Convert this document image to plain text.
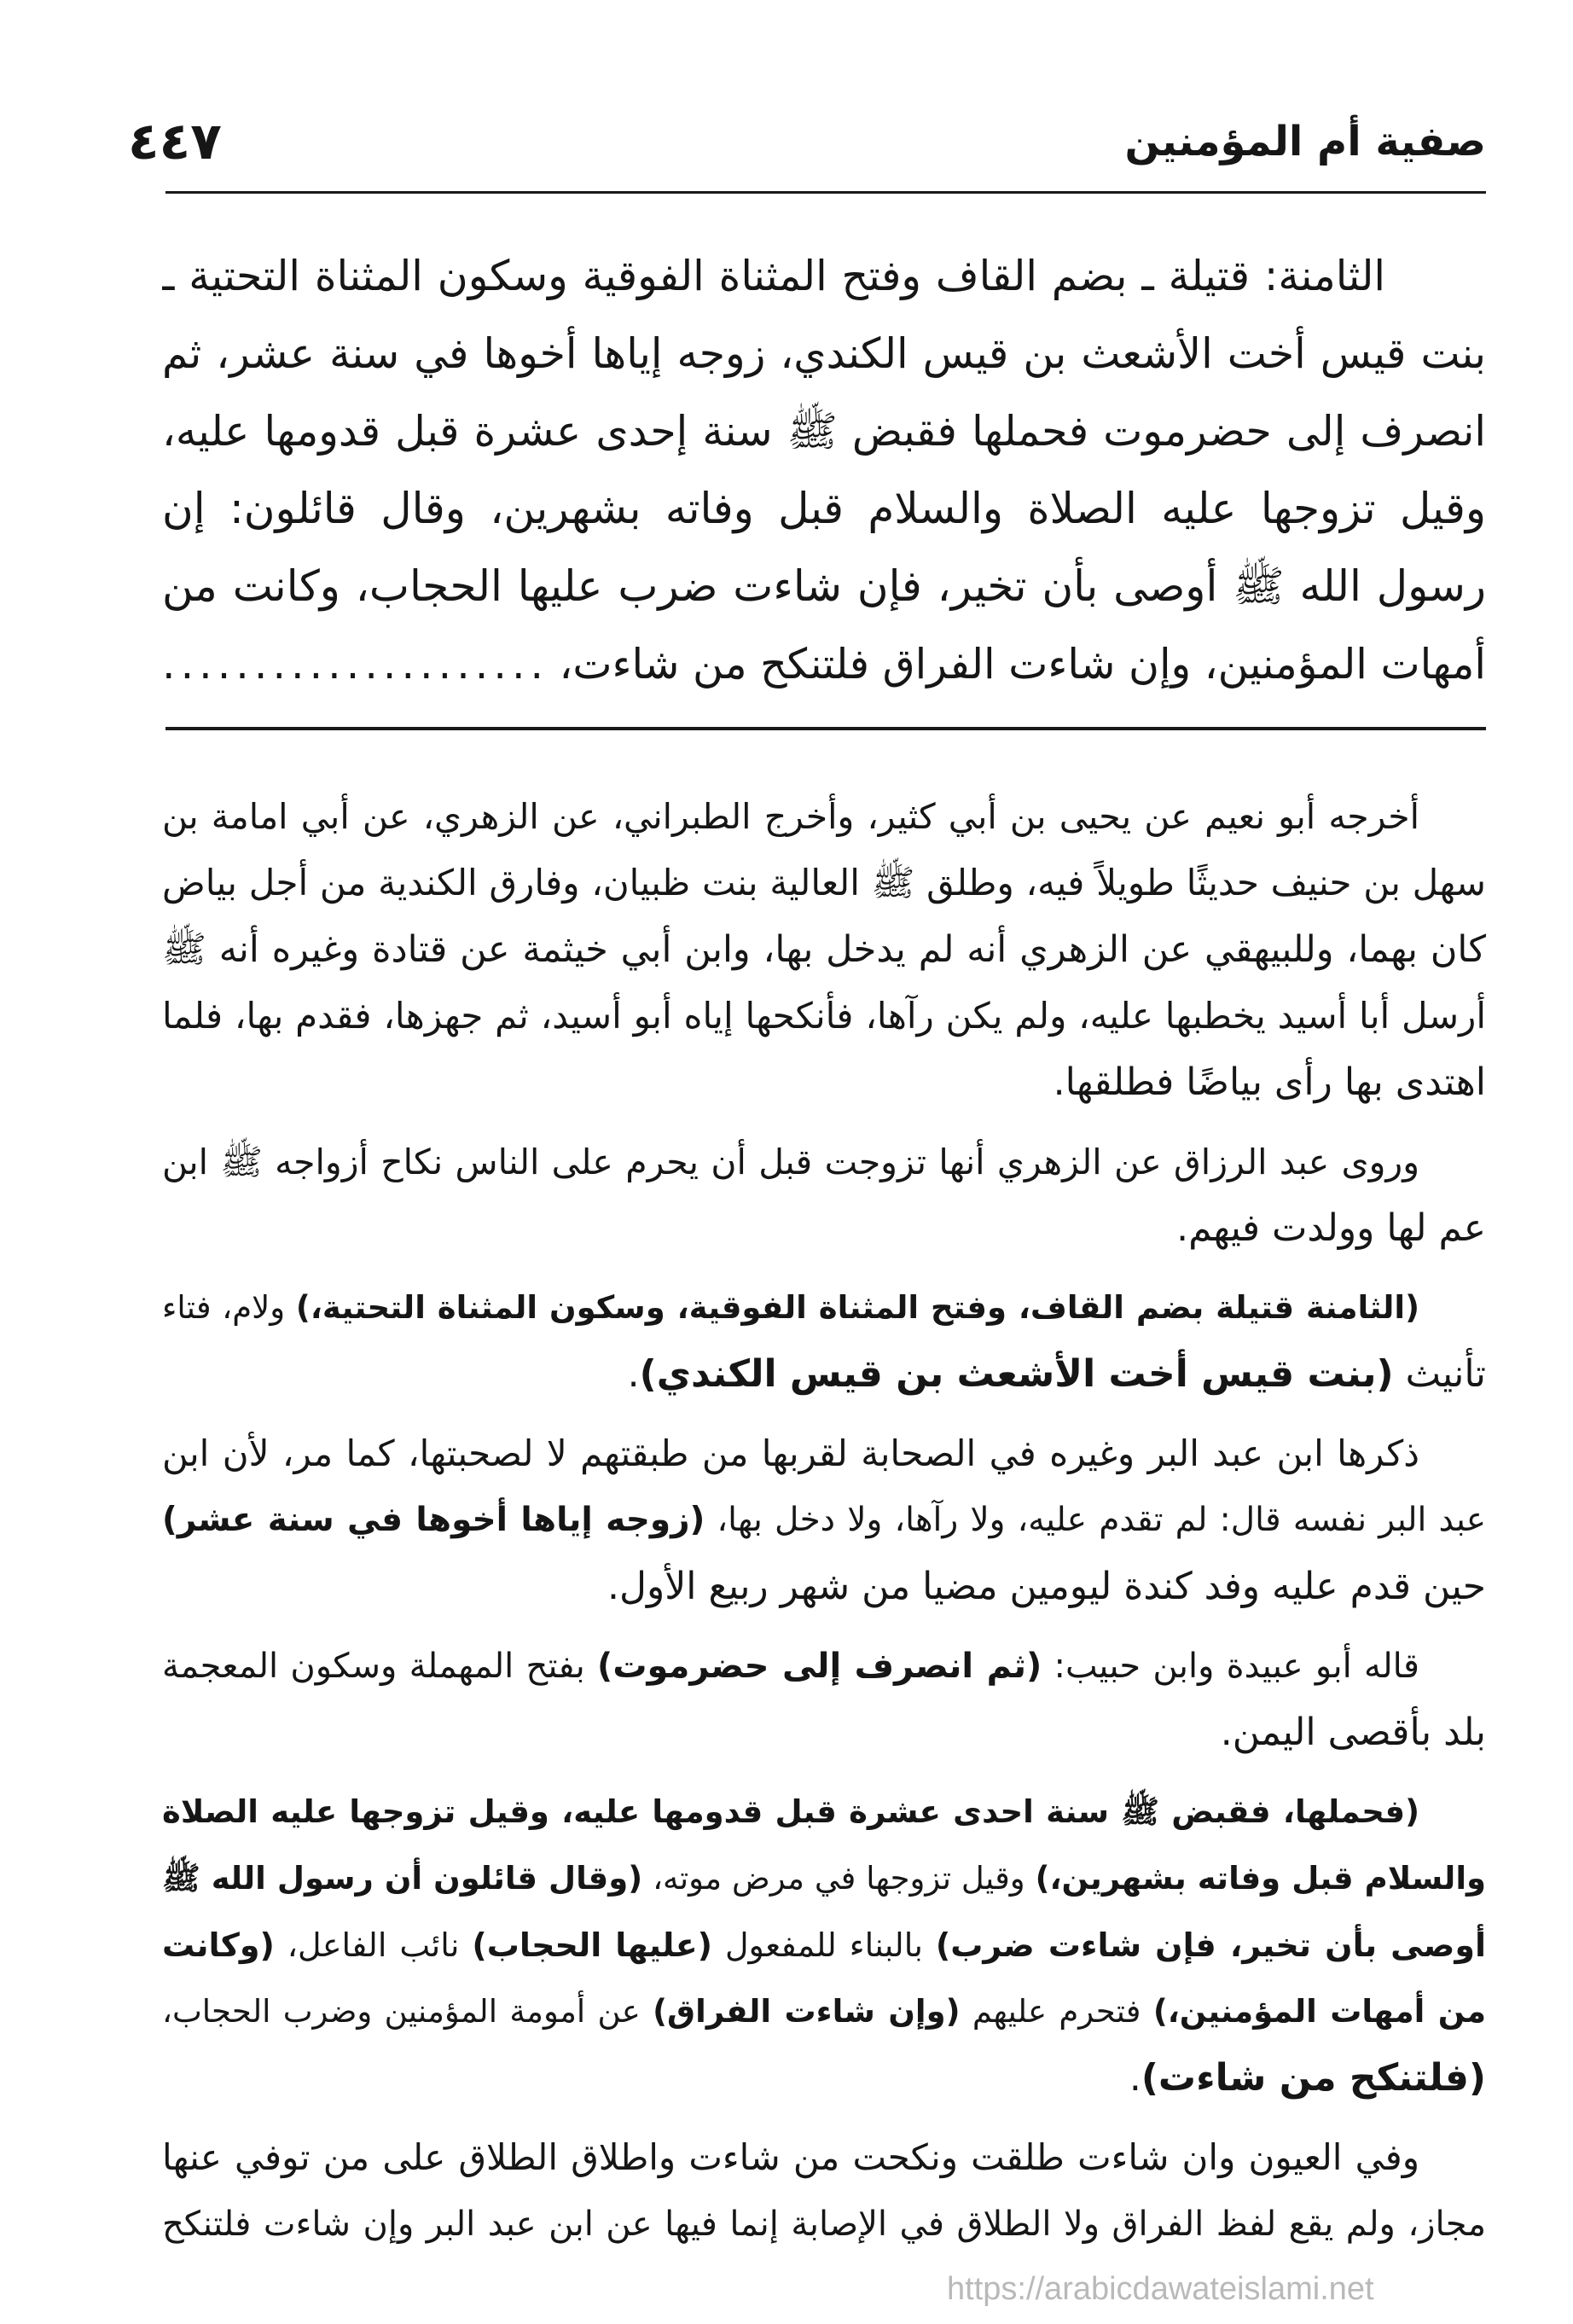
صفية أم المؤمنين
٤٤٧
الثامنة: قتيلة ـ بضم القاف وفتح المثناة الفوقية وسكون المثناة التحتية ـ
بنت قيس أخت الأشعث بن قيس الكندي، زوجه إياها أخوها في سنة عشر، ثم
انصرف إلى حضرموت فحملها فقبض ﷺ سنة إحدى عشرة قبل قدومها عليه،
وقيل تزوجها عليه الصلاة والسلام قبل وفاته بشهرين، وقال قائلون: إن
رسول الله ﷺ أوصى بأن تخير، فإن شاءت ضرب عليها الحجاب، وكانت من
أمهات المؤمنين، وإن شاءت الفراق فلتنكح من شاءت،
.....................
أخرجه أبو نعيم عن يحيى بن أبي كثير، وأخرج الطبراني، عن الزهري، عن أبي امامة بن
سهل بن حنيف حديثًا طويلاً فيه، وطلق ﷺ العالية بنت ظبيان، وفارق الكندية من أجل بياض
كان بهما، وللبيهقي عن الزهري أنه لم يدخل بها، وابن أبي خيثمة عن قتادة وغيره أنه ﷺ
أرسل أبا أسيد يخطبها عليه، ولم يكن رآها، فأنكحها إياه أبو أسيد، ثم جهزها، فقدم بها، فلما
اهتدى بها رأى بياضًا فطلقها.
وروى عبد الرزاق عن الزهري أنها تزوجت قبل أن يحرم على الناس نكاح أزواجه ﷺ ابن
عم لها وولدت فيهم.
(الثامنة قتيلة بضم القاف، وفتح المثناة الفوقية، وسكون المثناة التحتية،) ولام، فتاء
تأنيث (بنت قيس أخت الأشعث بن قيس الكندي).
ذكرها ابن عبد البر وغيره في الصحابة لقربها من طبقتهم لا لصحبتها، كما مر، لأن ابن
عبد البر نفسه قال: لم تقدم عليه، ولا رآها، ولا دخل بها، (زوجه إياها أخوها في سنة عشر)
حين قدم عليه وفد كندة ليومين مضيا من شهر ربيع الأول.
قاله أبو عبيدة وابن حبيب: (ثم انصرف إلى حضرموت) بفتح المهملة وسكون المعجمة
بلد بأقصى اليمن.
(فحملها، فقبض ﷺ سنة احدى عشرة قبل قدومها عليه، وقيل تزوجها عليه الصلاة
والسلام قبل وفاته بشهرين،) وقيل تزوجها في مرض موته، (وقال قائلون أن رسول الله ﷺ
أوصى بأن تخير، فإن شاءت ضرب) بالبناء للمفعول (عليها الحجاب) نائب الفاعل، (وكانت
من أمهات المؤمنين،) فتحرم عليهم (وإن شاءت الفراق) عن أمومة المؤمنين وضرب الحجاب،
(فلتنكح من شاءت).
وفي العيون وان شاءت طلقت ونكحت من شاءت واطلاق الطلاق على من توفي عنها
مجاز، ولم يقع لفظ الفراق ولا الطلاق في الإصابة إنما فيها عن ابن عبد البر وإن شاءت فلتنكح
https://arabicdawateislami.net
